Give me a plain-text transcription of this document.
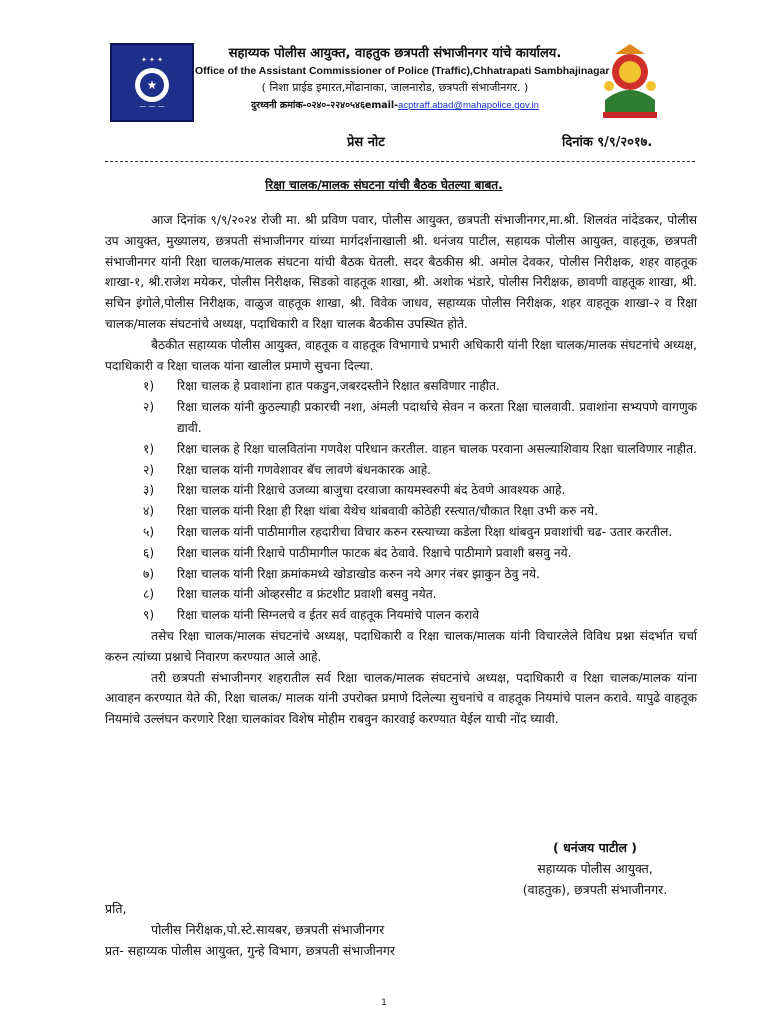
✦ ✦ ✦
★
— — —
सहाय्यक पोलीस आयुक्त, वाहतुक छत्रपती संभाजीनगर यांचे कार्यालय.
Office of the Assistant Commissioner of Police (Traffic),Chhatrapati Sambhajinagar
( निशा प्राईड इमारत,मोंढानाका, जालनारोड, छत्रपती संभाजीनगर. )
दुरध्वनी क्रमांक-०२४०-२२४०५४६email-acptraff.abad@mahapolice.gov.in
प्रेस नोट	दिनांक ९/९/२०१७.
रिक्षा चालक/मालक संघटना यांची बैठक घेतल्या बाबत.

आज दिनांक ९/९/२०२४ रोजी मा. श्री प्रविण पवार, पोलीस आयुक्त, छत्रपती संभाजीनगर,मा.श्री. शिलवंत नांदेडकर, पोलीस उप आयुक्त, मुख्यालय, छत्रपती संभाजीनगर यांच्या मार्गदर्शनाखाली श्री. धनंजय पाटील, सहायक पोलीस आयुक्त, वाहतूक, छत्रपती संभाजीनगर यांनी रिक्षा चालक/मालक संघटना यांची बैठक घेतली. सदर बैठकीस श्री. अमोल देवकर, पोलीस निरीक्षक, शहर वाहतूक शाखा-१, श्री.राजेश मयेकर, पोलीस निरीक्षक, सिडको वाहतूक शाखा, श्री. अशोक भंडारे, पोलीस निरीक्षक, छावणी वाहतूक शाखा, श्री. सचिन इंगोले,पोलीस निरीक्षक, वाळुज वाहतूक शाखा, श्री. विवेक जाधव, सहाय्यक पोलीस निरीक्षक, शहर वाहतूक शाखा-२ व रिक्षा चालक/मालक संघटनांचे अध्यक्ष, पदाधिकारी व रिक्षा चालक बैठकीस उपस्थित होते.

बैठकीत सहाय्यक पोलीस आयुक्त, वाहतूक व वाहतूक विभागाचे प्रभारी अधिकारी यांनी रिक्षा चालक/मालक संघटनांचे अध्यक्ष, पदाधिकारी व रिक्षा चालक यांना खालील प्रमाणे सुचना दिल्या.

१)	रिक्षा चालक हे प्रवाशांना हात पकडुन,जबरदस्तीने रिक्षात बसविणार नाहीत.
२)	रिक्षा चालक यांनी कुठल्याही प्रकारची नशा, अंमली पदार्थाचे सेवन न करता रिक्षा चालवावी. प्रवाशांना सभ्यपणे वागणुक द्यावी.
१)	रिक्षा चालक हे रिक्षा चालवितांना गणवेश परिधान करतील. वाहन चालक परवाना असल्याशिवाय रिक्षा चालविणार नाहीत.
२)	रिक्षा चालक यांनी गणवेशावर बॅच लावणे बंधनकारक आहे.
३)	रिक्षा चालक यांनी रिक्षाचे उजव्या बाजुचा दरवाजा कायमस्वरुपी बंद ठेवणे आवश्यक आहे.
४)	रिक्षा चालक यांनी रिक्षा ही रिक्षा थांबा येथेच थांबवावी कोठेही रस्त्यात/चौकात रिक्षा उभी करु नये.
५)	रिक्षा चालक यांनी पाठीमागील रहदारीचा विचार करुन रस्त्याच्या कडेला रिक्षा थांबवुन प्रवाशांची चढ- उतार करतील.
६)	रिक्षा चालक यांनी रिक्षाचे पाठीमागील फाटक बंद ठेवावे. रिक्षाचे पाठीमागे प्रवाशी बसवु नये.
७)	रिक्षा चालक यांनी रिक्षा क्रमांकमध्ये खोडाखोड करुन नये अगर नंबर झाकुन ठेवु नये.
८)	रिक्षा चालक यांनी ओव्हरसीट व फ्रंटशीट प्रवाशी बसवु नयेत.
९)	रिक्षा चालक यांनी सिग्नलचे व ईतर सर्व वाहतूक नियमांचे पालन करावे

तसेच रिक्षा चालक/मालक संघटनांचे अध्यक्ष, पदाधिकारी व रिक्षा चालक/मालक यांनी विचारलेले विविध प्रश्ना संदर्भात चर्चा करुन त्यांच्या प्रश्नाचे निवारण करण्यात आले आहे.

तरी छत्रपती संभाजीनगर शहरातील सर्व रिक्षा चालक/मालक संघटनांचे अध्यक्ष, पदाधिकारी व रिक्षा चालक/मालक यांना आवाहन करण्यात येते की, रिक्षा चालक/ मालक यांनी उपरोक्त प्रमाणे दिलेल्या सुचनांचे व वाहतूक नियमांचे पालन करावे. यापुढे वाहतूक नियमांचे उल्लंघन करणारे रिक्षा चालकांवर विशेष मोहीम राबवुन कारवाई करण्यात येईल याची नोंद घ्यावी.

( धनंजय पाटील )
सहाय्यक पोलीस आयुक्त,
(वाहतुक), छत्रपती संभाजीनगर.
प्रति,
पोलीस निरीक्षक,पो.स्टे.सायबर, छत्रपती संभाजीनगर
प्रत- सहाय्यक पोलीस आयुक्त, गुन्हे विभाग, छत्रपती संभाजीनगर
1
